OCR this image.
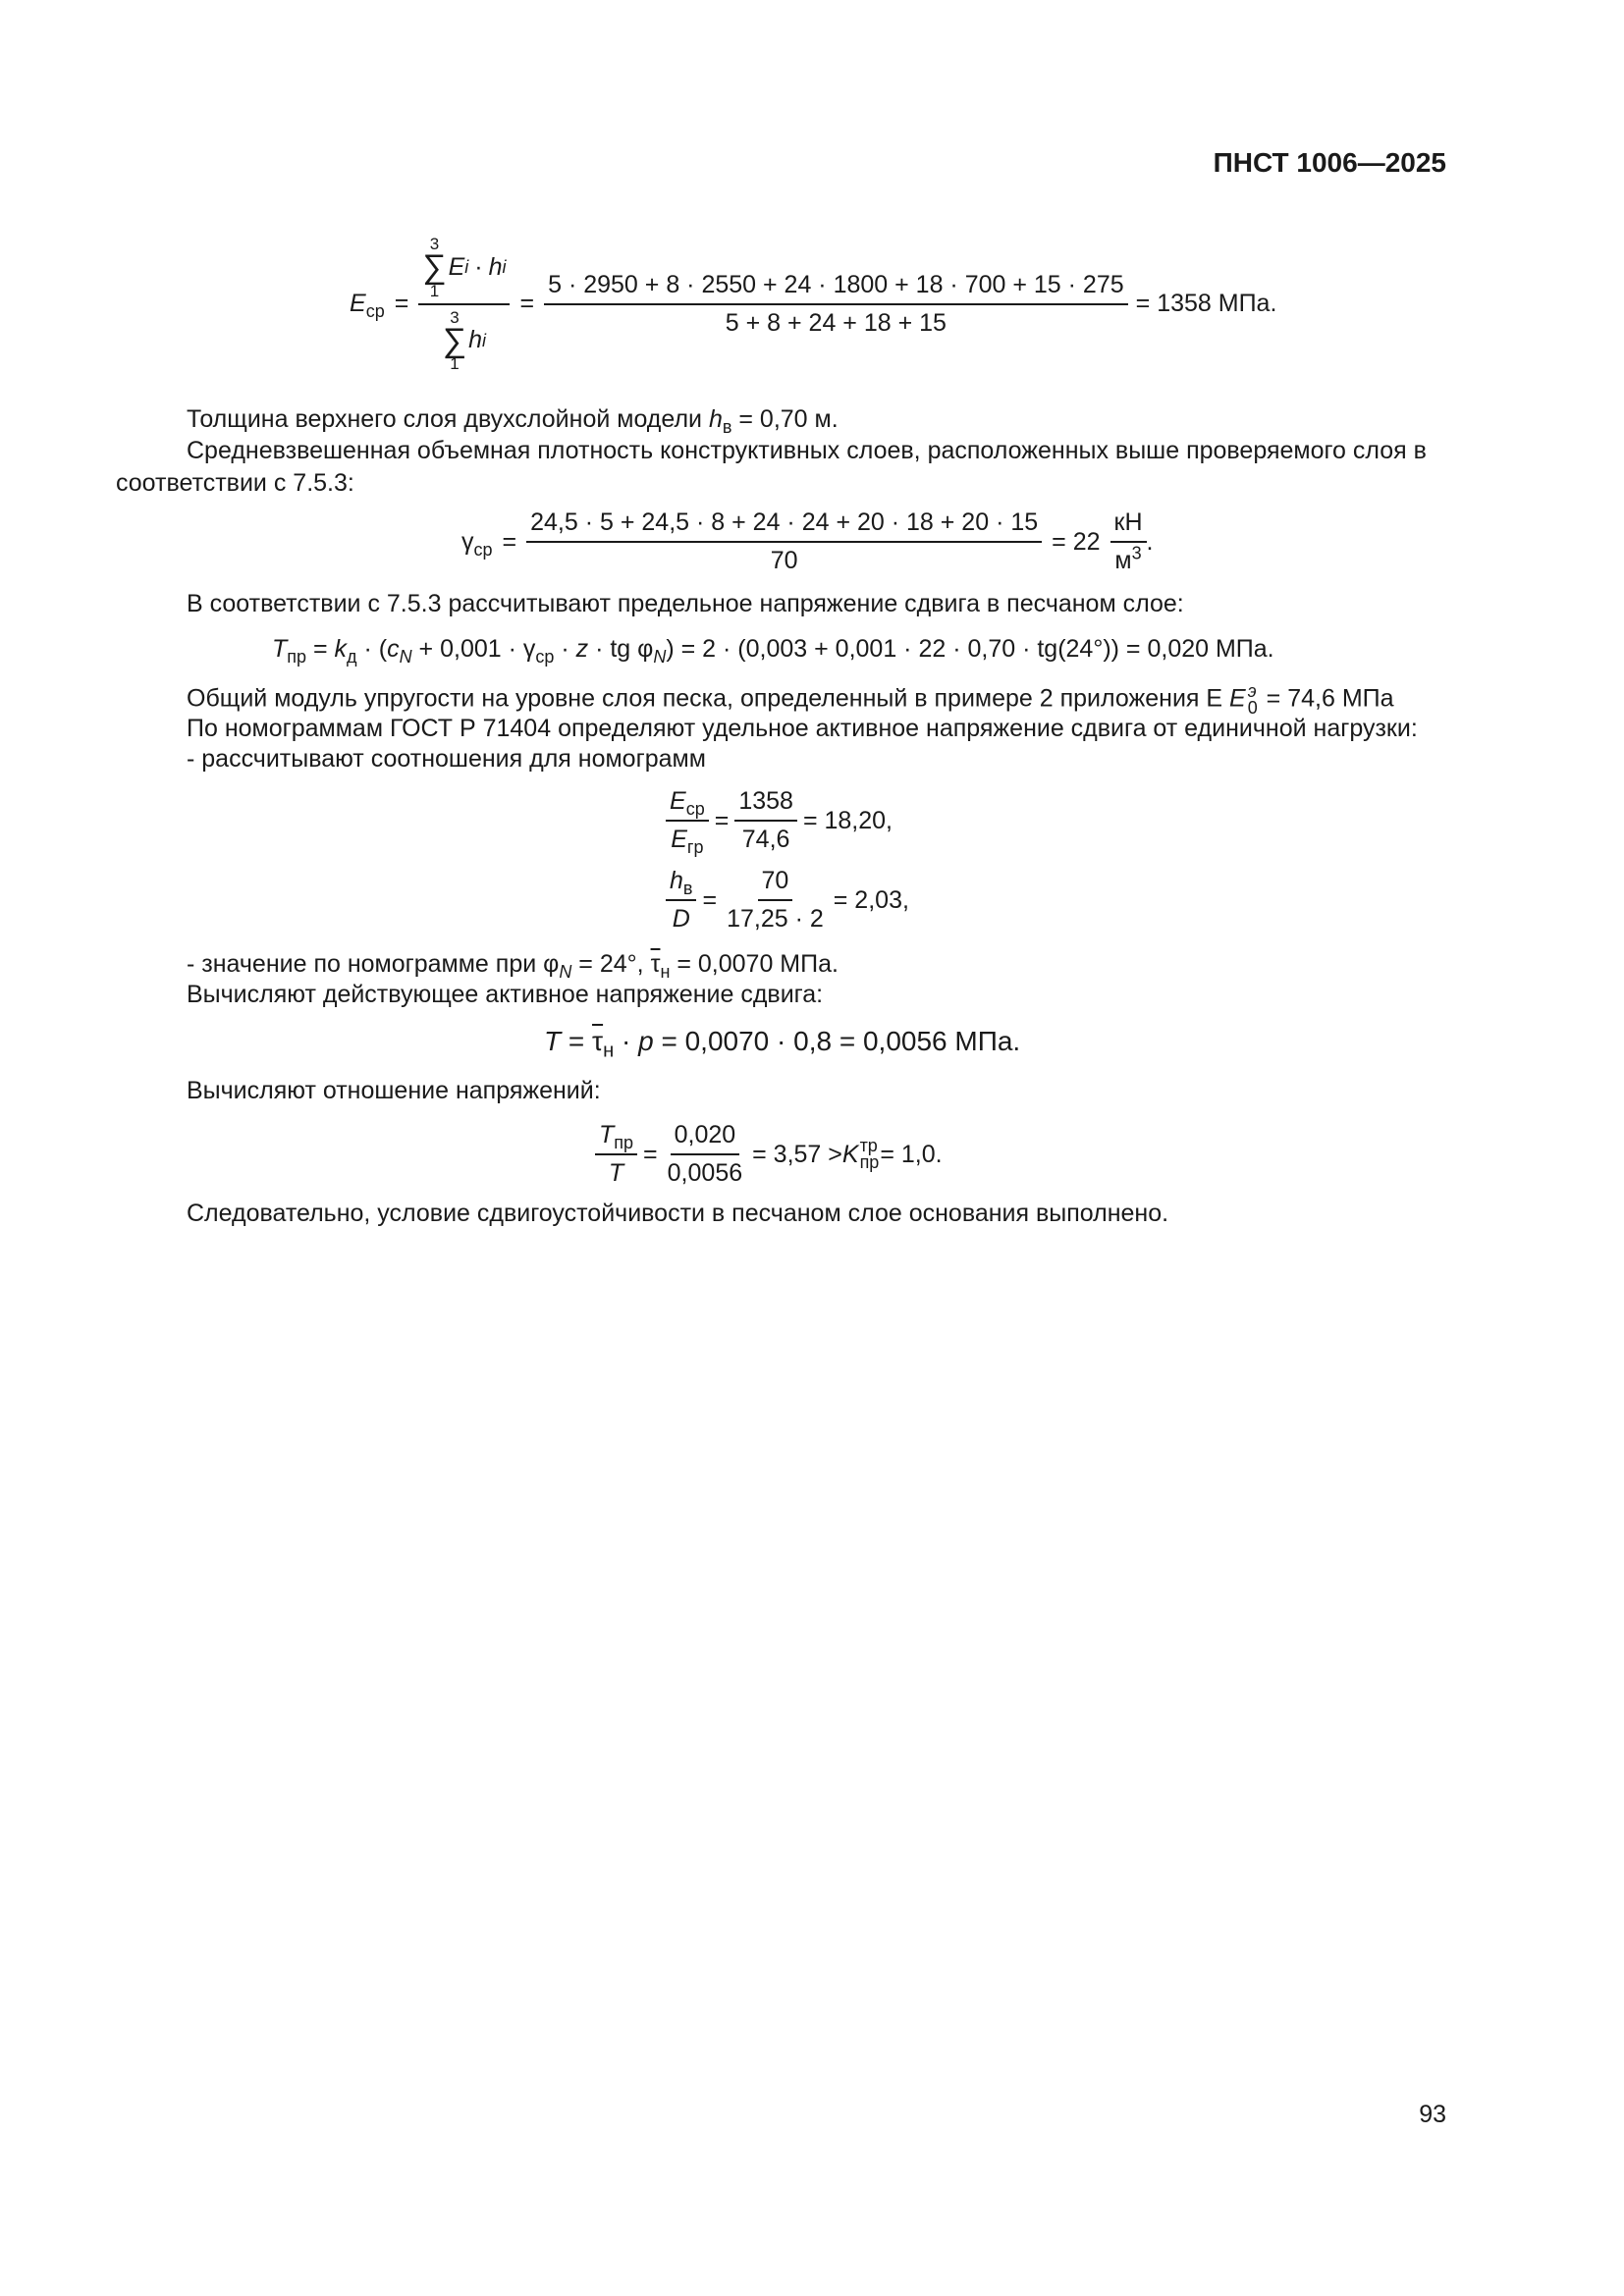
ПНСТ 1006—2025
$E_{ср} = 3$
∑
1
E i · h i
3
∑
1
h $i = \frac{5 \cdot 2950 + 8 \cdot 2550 + 24 \cdot 1800 + 18 \cdot 700 + 15 \cdot 275}{5 + 8 + 24 + 18 + 15} = 1358$ МПа.
Толщина верхнего слоя двухслойной модели $h_в = 0,70$ м.
Средневзвешенная объемная плотность конструктивных слоев, расположенных выше проверяемого слоя в
соответствии с 7.5.3:
$\gamma_{ср} = \frac{24,5 \cdot 5 + 24,5 \cdot 8 + 24 \cdot 24 + 20 \cdot 18 + 20 \cdot 15}{70} = 22 \frac{кН}{м^3}$ .
В соответствии с 7.5.3 рассчитывают предельное напряжение сдвига в песчаном слое:
$T_{пр} = k_д \cdot (c_N + 0,001 \cdot \gamma_{ср} \cdot z$ · tg $\varphi_N) = 2 \cdot (0,003 + 0,001 \cdot 22 \cdot 0,70 \cdot tg(24^\circ)) = 0,020$ МПа.
Общий модуль упругости на уровне слоя песка, определенный в примере 2 приложения Е E э
0 = 74,6 МПа
По номограммам ГОСТ Р 71404 определяют удельное активное напряжение сдвига от единичной нагрузки:
- рассчитывают соотношения для номограмм
$\frac{E_{ср}}{E_{гр}} = \frac{1358}{74,6} = 18,20$,
$\frac{h_в}{D} = \frac{70}{17,25 \cdot 2} = 2,03$,
- значение по номограмме при $\varphi_N = 24^\circ$, $\overline{\tau}_н = 0,0070$ МПа.
Вычисляют действующее активное напряжение сдвига:
$T = \overline{\tau}_н \cdot p = 0,0070 \cdot 0,8 = 0,0056$ МПа.
Вычисляют отношение напряжений:
$\frac{T_{пр}}{T} = \frac{0,020}{0,0056} = 3,57 > K$ тр
пр = 1,0.
Следовательно, условие сдвигоустойчивости в песчаном слое основания выполнено.
93
